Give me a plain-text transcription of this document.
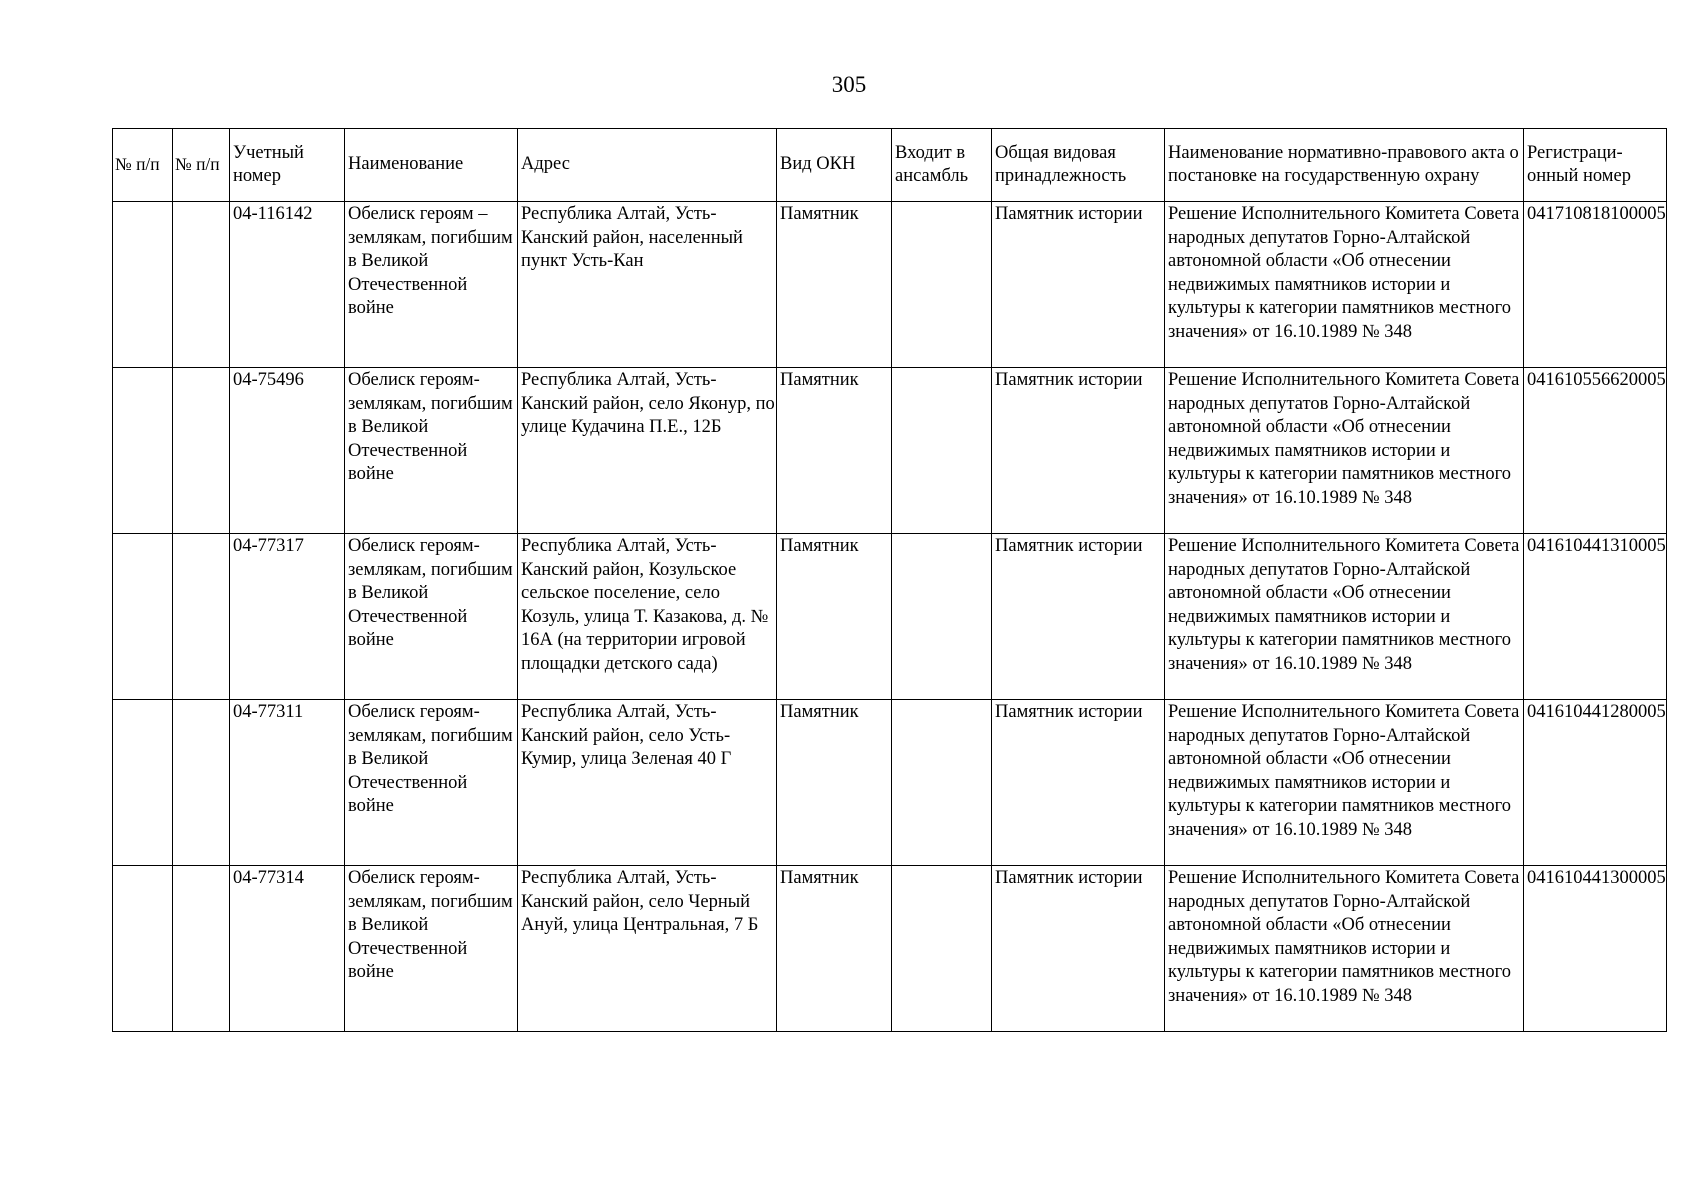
305
№ п/п	№ п/п	Учетный номер	Наименование	Адрес	Вид ОКН	Входит в ансамбль	Общая видовая принадлежность	Наименование нормативно-правового акта о постановке на государственную охрану	Регистраци-онный номер
		04-116142	Обелиск героям – землякам, погибшим в Великой Отечественной войне	Республика Алтай, Усть-Канский район, населенный пункт Усть-Кан	Памятник		Памятник истории	Решение Исполнительного Комитета Совета народных депутатов Горно-Алтайской автономной области «Об отнесении недвижимых памятников истории и культуры к категории памятников местного значения» от 16.10.1989 № 348	041710818100005
		04-75496	Обелиск героям-землякам, погибшим в Великой Отечественной войне	Республика Алтай, Усть-Канский район, село Яконур, по улице Кудачина П.Е., 12Б	Памятник		Памятник истории	Решение Исполнительного Комитета Совета народных депутатов Горно-Алтайской автономной области «Об отнесении недвижимых памятников истории и культуры к категории памятников местного значения» от 16.10.1989 № 348	041610556620005
		04-77317	Обелиск героям-землякам, погибшим в Великой Отечественной войне	Республика Алтай, Усть-Канский район, Козульское сельское поселение, село Козуль, улица Т. Казакова, д. № 16А (на территории игровой площадки детского сада)	Памятник		Памятник истории	Решение Исполнительного Комитета Совета народных депутатов Горно-Алтайской автономной области «Об отнесении недвижимых памятников истории и культуры к категории памятников местного значения» от 16.10.1989 № 348	041610441310005
		04-77311	Обелиск героям-землякам, погибшим в Великой Отечественной войне	Республика Алтай, Усть-Канский район, село Усть-Кумир, улица Зеленая 40 Г	Памятник		Памятник истории	Решение Исполнительного Комитета Совета народных депутатов Горно-Алтайской автономной области «Об отнесении недвижимых памятников истории и культуры к категории памятников местного значения» от 16.10.1989 № 348	041610441280005
		04-77314	Обелиск героям-землякам, погибшим в Великой Отечественной войне	Республика Алтай, Усть-Канский район, село Черный Ануй, улица Центральная, 7 Б	Памятник		Памятник истории	Решение Исполнительного Комитета Совета народных депутатов Горно-Алтайской автономной области «Об отнесении недвижимых памятников истории и культуры к категории памятников местного значения» от 16.10.1989 № 348	041610441300005
